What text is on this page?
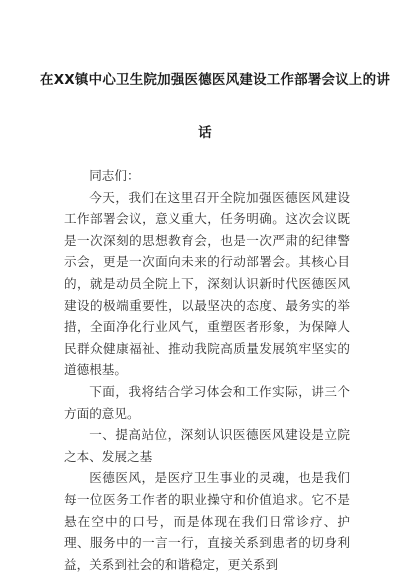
在XX镇中心卫生院加强医德医风建设工作部署会议上的讲
话

同志们：

今天，我们在这里召开全院加强医德医风建设工作部署会议，意义重大，任务明确。这次会议既是一次深刻的思想教育会，也是一次严肃的纪律警示会，更是一次面向未来的行动部署会。其核心目的，就是动员全院上下，深刻认识新时代医德医风建设的极端重要性，以最坚决的态度、最务实的举措，全面净化行业风气，重塑医者形象，为保障人民群众健康福祉、推动我院高质量发展筑牢坚实的道德根基。

下面，我将结合学习体会和工作实际，讲三个方面的意见。

一、提高站位，深刻认识医德医风建设是立院之本、发展之基

医德医风，是医疗卫生事业的灵魂，也是我们每一位医务工作者的职业操守和价值追求。它不是悬在空中的口号，而是体现在我们日常诊疗、护理、服务中的一言一行，直接关系到患者的切身利益，关系到社会的和谐稳定，更关系到
